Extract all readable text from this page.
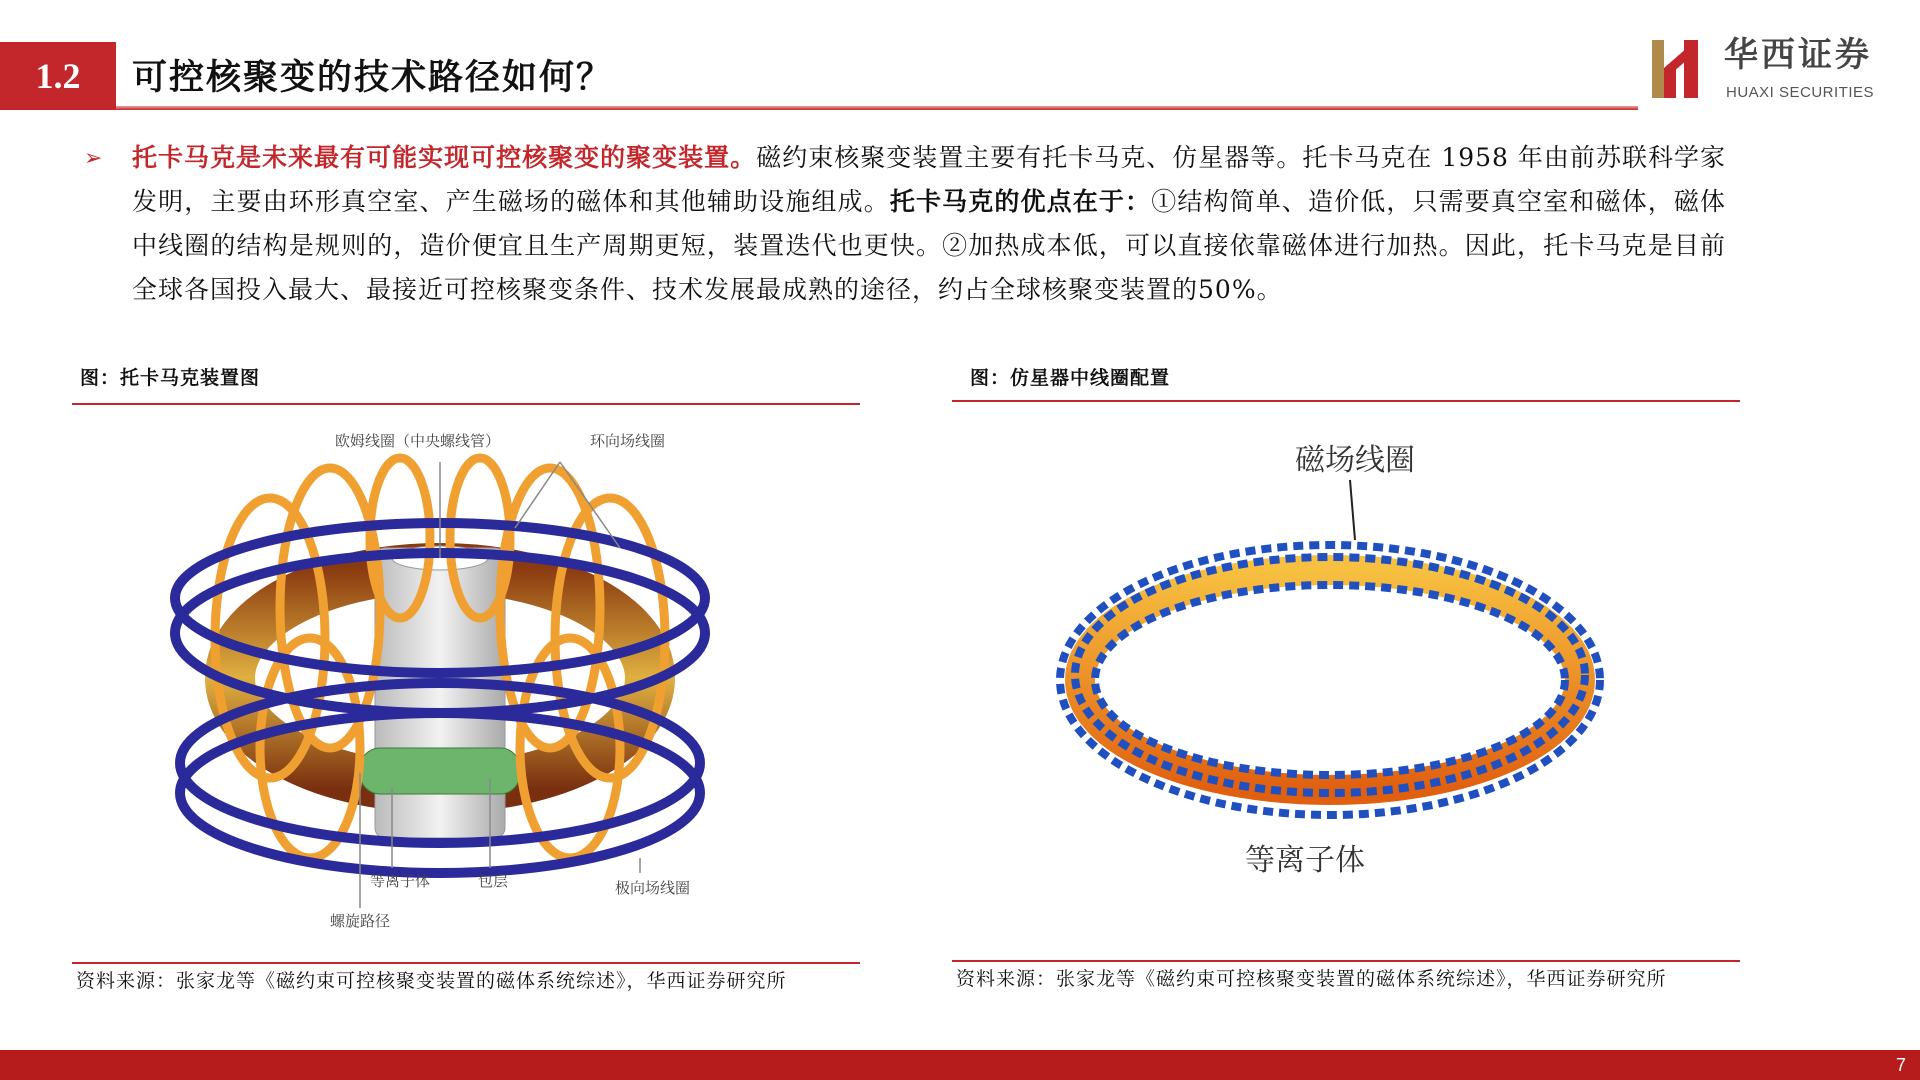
1.2	可控核聚变的技术路径如何？
华西证券
HUAXI SECURITIES
➢ 托卡马克是未来最有可能实现可控核聚变的聚变装置。磁约束核聚变装置主要有托卡马克、仿星器等。托卡马克在 1958 年由前苏联科学家发明，主要由环形真空室、产生磁场的磁体和其他辅助设施组成。托卡马克的优点在于：①结构简单、造价低，只需要真空室和磁体，磁体中线圈的结构是规则的，造价便宜且生产周期更短，装置迭代也更快。②加热成本低，可以直接依靠磁体进行加热。因此，托卡马克是目前全球各国投入最大、最接近可控核聚变条件、技术发展最成熟的途径，约占全球核聚变装置的50%。
图：托卡马克装置图
欧姆线圈（中央螺线管）	环向场线圈
等离子体	包层
螺旋路径
极向场线圈
资料来源：张家龙等《磁约束可控核聚变装置的磁体系统综述》，华西证券研究所
图：仿星器中线圈配置
磁场线圈
等离子体
资料来源：张家龙等《磁约束可控核聚变装置的磁体系统综述》，华西证券研究所
7
